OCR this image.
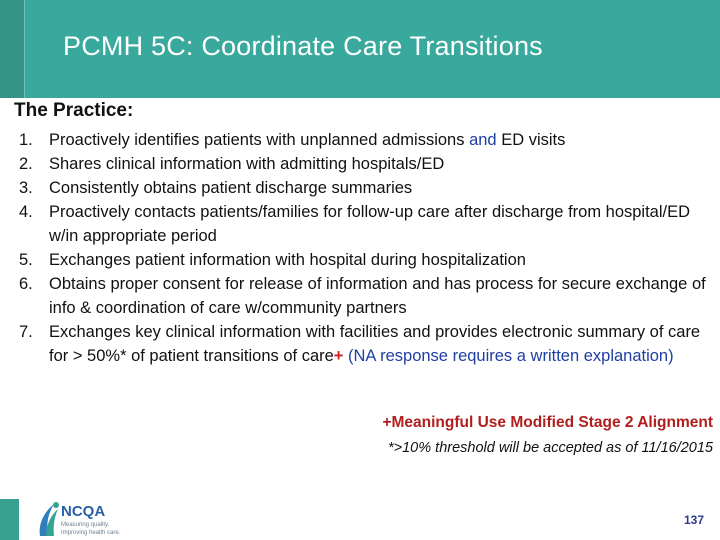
PCMH 5C: Coordinate Care Transitions
The Practice:
1. Proactively identifies patients with unplanned admissions and ED visits
2. Shares clinical information with admitting hospitals/ED
3. Consistently obtains patient discharge summaries
4. Proactively contacts patients/families for follow-up care after discharge from hospital/ED w/in appropriate period
5. Exchanges patient information with hospital during hospitalization
6. Obtains proper consent for release of information and has process for secure exchange of info & coordination of care w/community partners
7. Exchanges key clinical information with facilities and provides electronic summary of care for > 50%* of patient transitions of care+ (NA response requires a written explanation)
+Meaningful Use Modified Stage 2 Alignment
*>10% threshold will be accepted as of 11/16/2015
NCQA
Measuring quality.
Improving health care.
137
